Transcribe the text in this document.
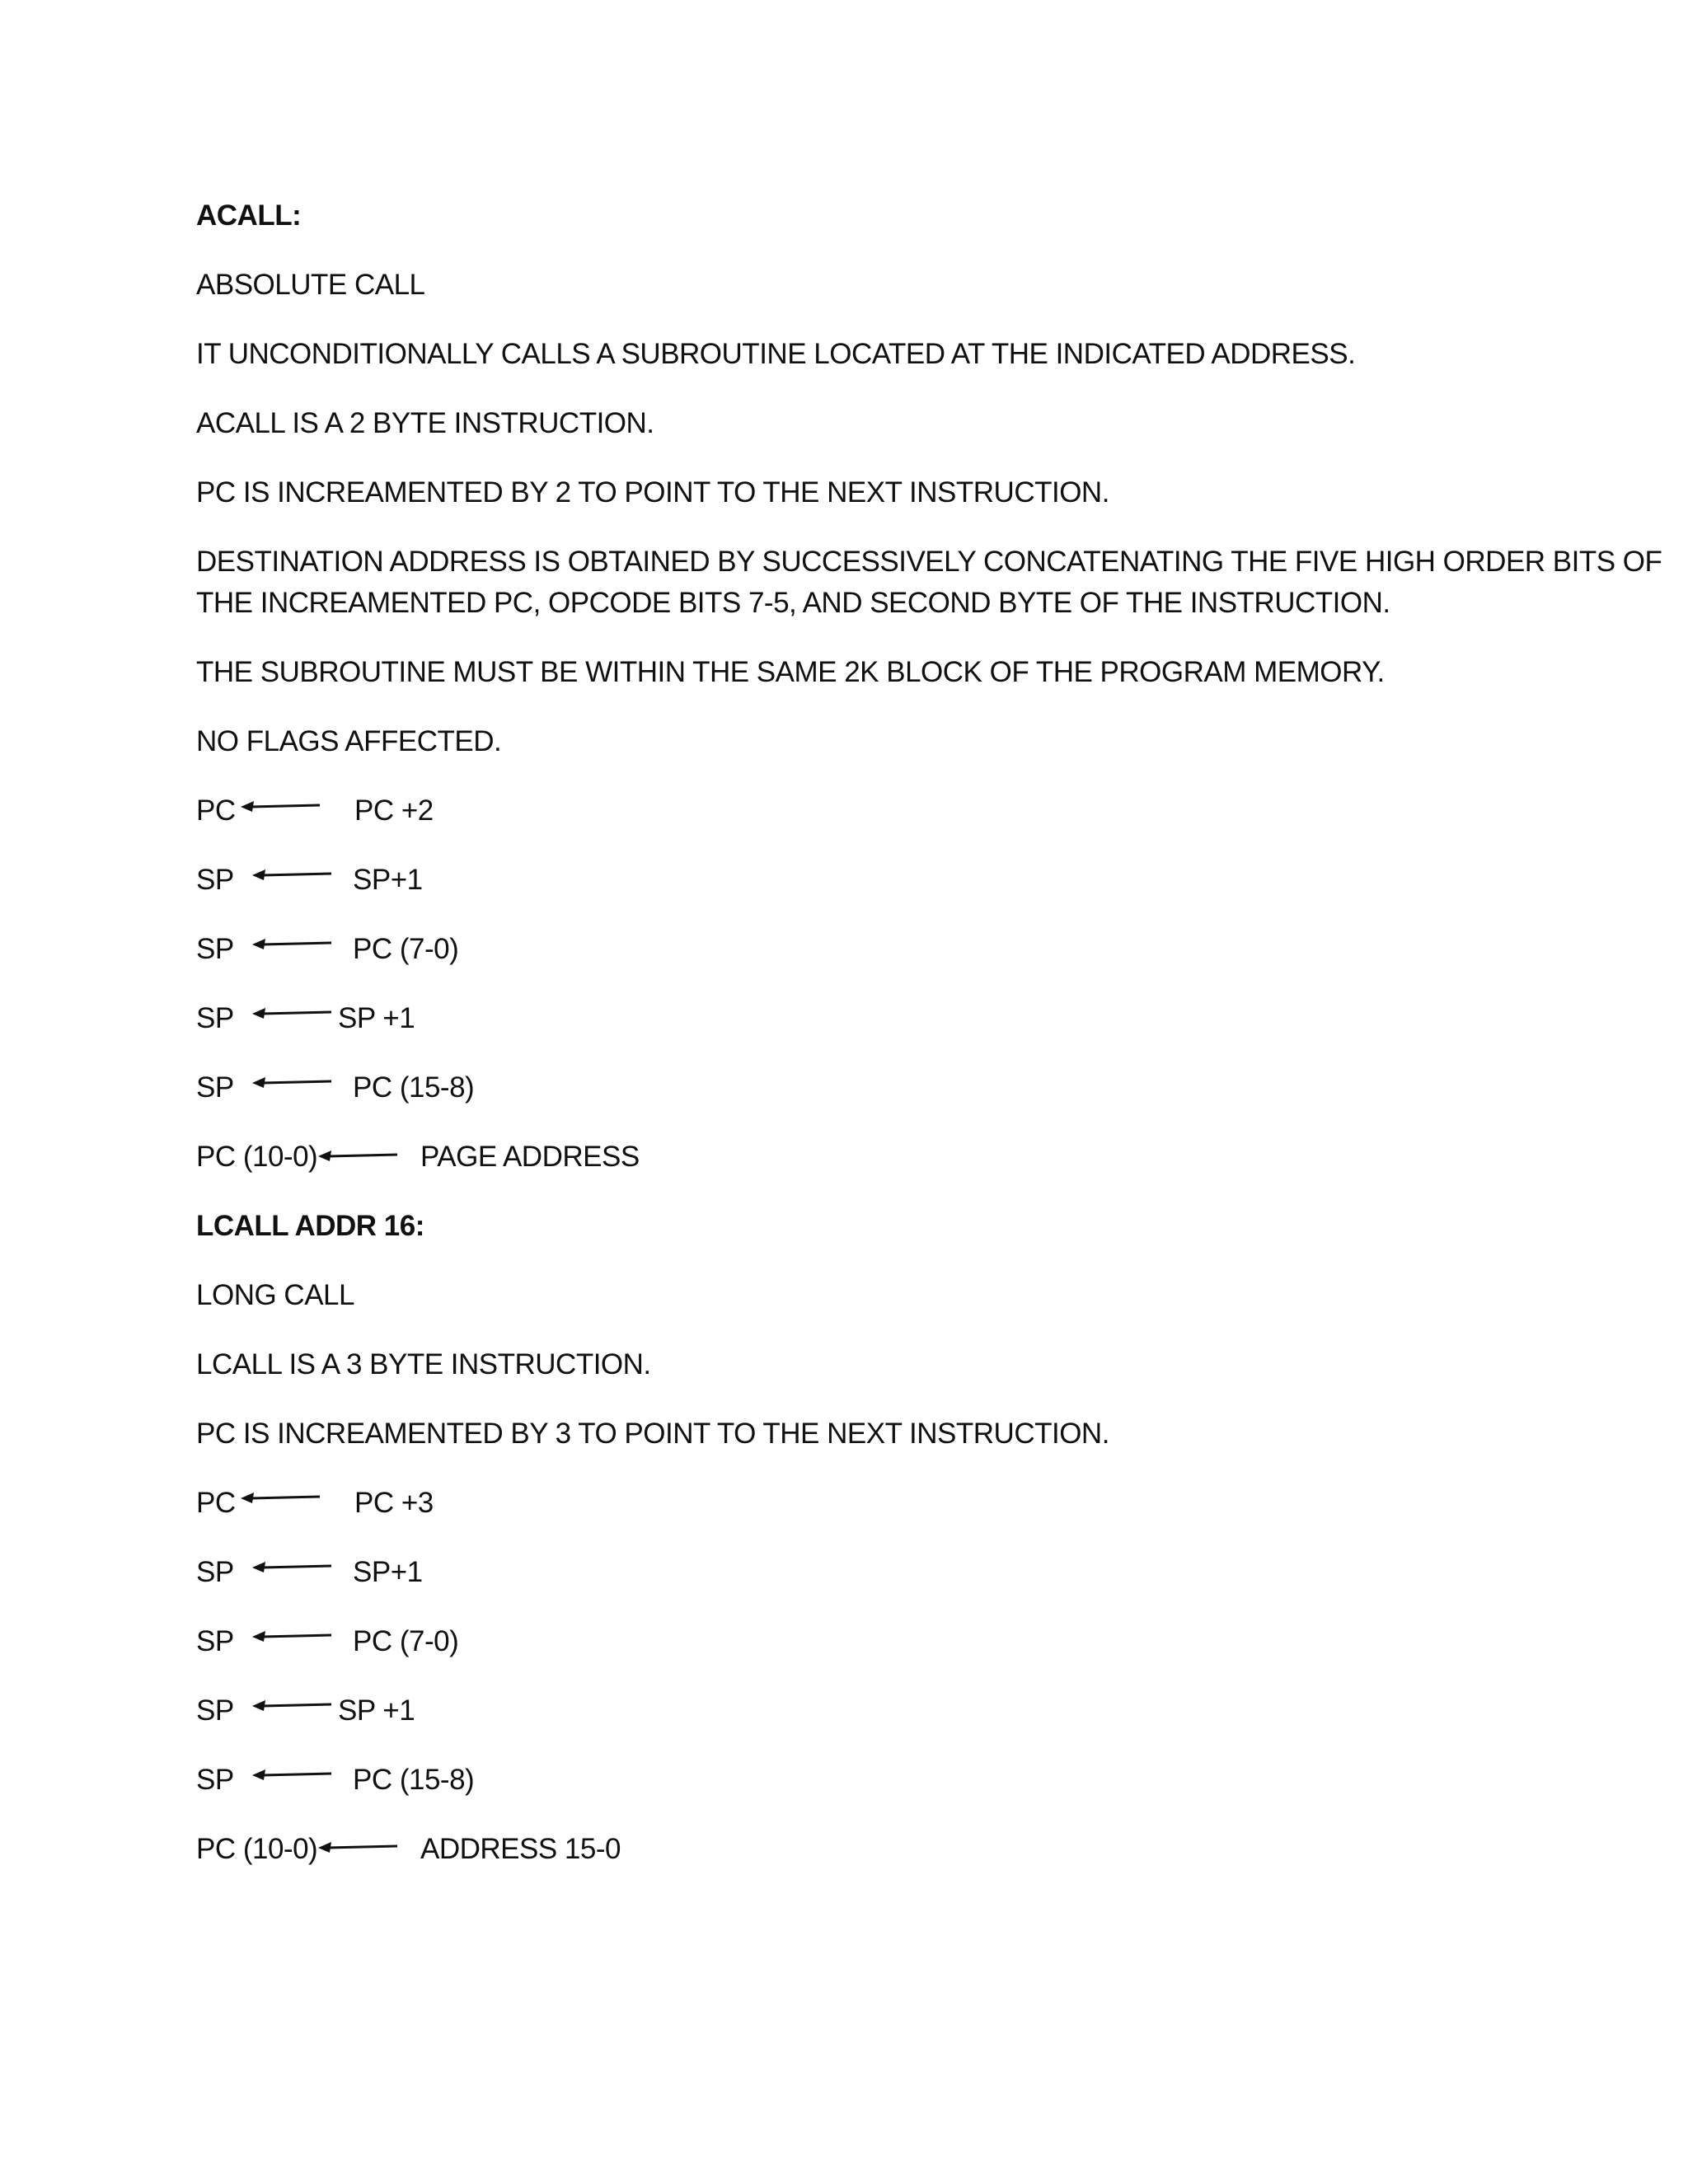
ACALL:
ABSOLUTE CALL
IT UNCONDITIONALLY CALLS A SUBROUTINE LOCATED AT THE INDICATED ADDRESS.
ACALL IS A 2 BYTE INSTRUCTION.
PC IS INCREAMENTED BY 2 TO POINT TO THE NEXT INSTRUCTION.
DESTINATION ADDRESS IS OBTAINED BY SUCCESSIVELY CONCATENATING THE FIVE HIGH ORDER BITS OF
THE INCREAMENTED PC, OPCODE BITS 7-5, AND SECOND BYTE OF THE INSTRUCTION.
THE SUBROUTINE MUST BE WITHIN THE SAME 2K BLOCK OF THE PROGRAM MEMORY.
NO FLAGS AFFECTED.
PC	PC +2
SP	SP+1
SP	PC (7-0)
SP	SP +1
SP	PC (15-8)
PC (10-0)	PAGE ADDRESS
LCALL ADDR 16:
LONG CALL
LCALL IS A 3 BYTE INSTRUCTION.
PC IS INCREAMENTED BY 3 TO POINT TO THE NEXT INSTRUCTION.
PC	PC +3
SP	SP+1
SP	PC (7-0)
SP	SP +1
SP	PC (15-8)
PC (10-0)	ADDRESS 15-0
